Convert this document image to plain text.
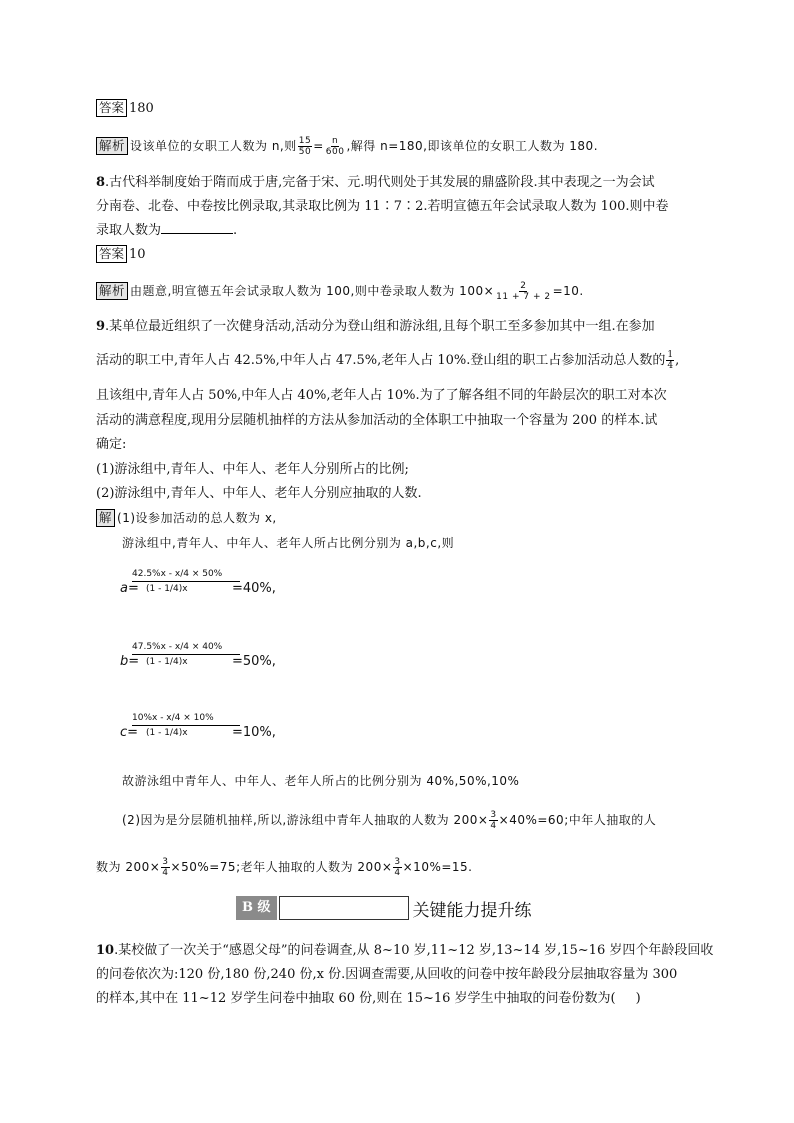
答案 180
解析 设该单位的女职工人数为 n,则 $\frac{15}{50} = \frac{n}{600}$ ,解得 n=180,即该单位的女职工人数为 180.
8.古代科举制度始于隋而成于唐,完备于宋、元.明代则处于其发展的鼎盛阶段.其中表现之一为会试
分南卷、北卷、中卷按比例录取,其录取比例为 11∶7∶2.若明宣德五年会试录取人数为 100.则中卷
录取人数为	.
答案 10
解析 由题意,明宣德五年会试录取人数为 100,则中卷录取人数为 $100\times \frac{2}{11 + 7 + 2} =10$.
9.某单位最近组织了一次健身活动,活动分为登山组和游泳组,且每个职工至多参加其中一组.在参加
活动的职工中,青年人占 42.5%,中年人占 47.5%,老年人占 10%.登山组的职工占参加活动总人数的 $\frac{1}{4}$ ,
且该组中,青年人占 50%,中年人占 40%,老年人占 10%.为了了解各组不同的年龄层次的职工对本次
活动的满意程度,现用分层随机抽样的方法从参加活动的全体职工中抽取一个容量为 200 的样本.试
确定:
(1)游泳组中,青年人、中年人、老年人分别所占的比例;
(2)游泳组中,青年人、中年人、老年人分别应抽取的人数.
解 (1)设参加活动的总人数为 x,
游泳组中,青年人、中年人、老年人所占比例分别为 a,b,c,则
a=
42.5%x - x/4 × 50%
(1 - 1/4)x	=40%,
b=
47.5%x - x/4 × 40%
(1 - 1/4)x	=50%,
c=
10%x - x/4 × 10%
(1 - 1/4)x	=10%,
故游泳组中青年人、中年人、老年人所占的比例分别为 40%,50%,10%
(2)因为是分层随机抽样,所以,游泳组中青年人抽取的人数为 $200\times \frac{3}{4} \times 40\%=60$;中年人抽取的人
数为 $200\times \frac{3}{4} \times 50\%=75$;老年人抽取的人数为 $200\times \frac{3}{4} \times 10\%=15$.
B 级	关键能力提升练
10.某校做了一次关于“感恩父母”的问卷调查,从 8~10 岁,11~12 岁,13~14 岁,15~16 岁四个年龄段回收
的问卷依次为:120 份,180 份,240 份,x 份.因调查需要,从回收的问卷中按年龄段分层抽取容量为 300
的样本,其中在 11~12 岁学生问卷中抽取 60 份,则在 15~16 岁学生中抽取的问卷份数为( )
